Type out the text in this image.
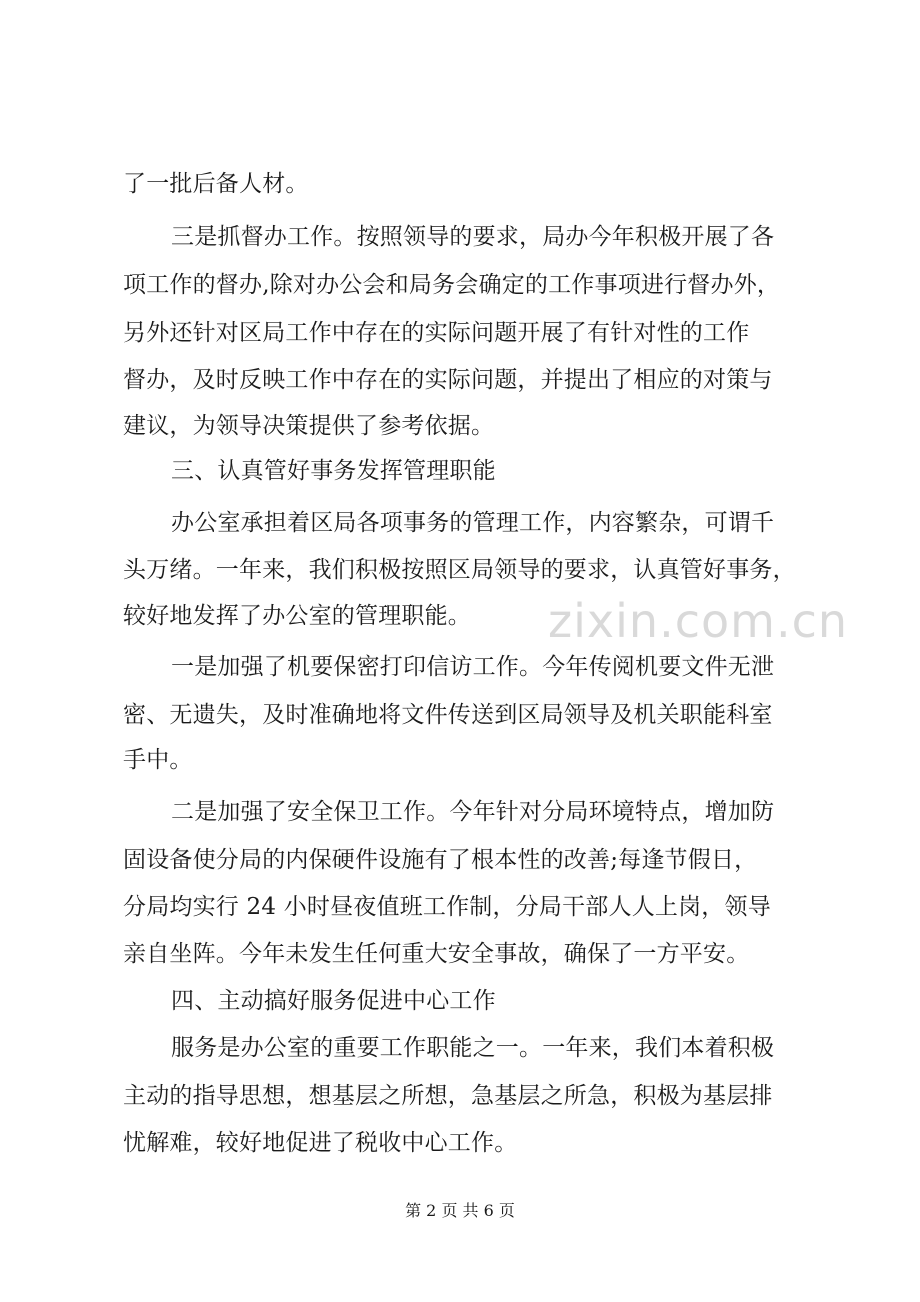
zixin.com.cn
了一批后备人材。
三是抓督办工作。按照领导的要求，局办今年积极开展了各
项工作的督办,除对办公会和局务会确定的工作事项进行督办外，
另外还针对区局工作中存在的实际问题开展了有针对性的工作
督办，及时反映工作中存在的实际问题，并提出了相应的对策与
建议，为领导决策提供了参考依据。
三、认真管好事务发挥管理职能
办公室承担着区局各项事务的管理工作，内容繁杂，可谓千
头万绪。一年来，我们积极按照区局领导的要求，认真管好事务，
较好地发挥了办公室的管理职能。
一是加强了机要保密打印信访工作。今年传阅机要文件无泄
密、无遗失，及时准确地将文件传送到区局领导及机关职能科室
手中。
二是加强了安全保卫工作。今年针对分局环境特点，增加防
固设备使分局的内保硬件设施有了根本性的改善;每逢节假日，
分局均实行 24 小时昼夜值班工作制，分局干部人人上岗，领导
亲自坐阵。今年未发生任何重大安全事故，确保了一方平安。
四、主动搞好服务促进中心工作
服务是办公室的重要工作职能之一。一年来，我们本着积极
主动的指导思想，想基层之所想，急基层之所急，积极为基层排
忧解难，较好地促进了税收中心工作。
第 2 页 共 6 页
